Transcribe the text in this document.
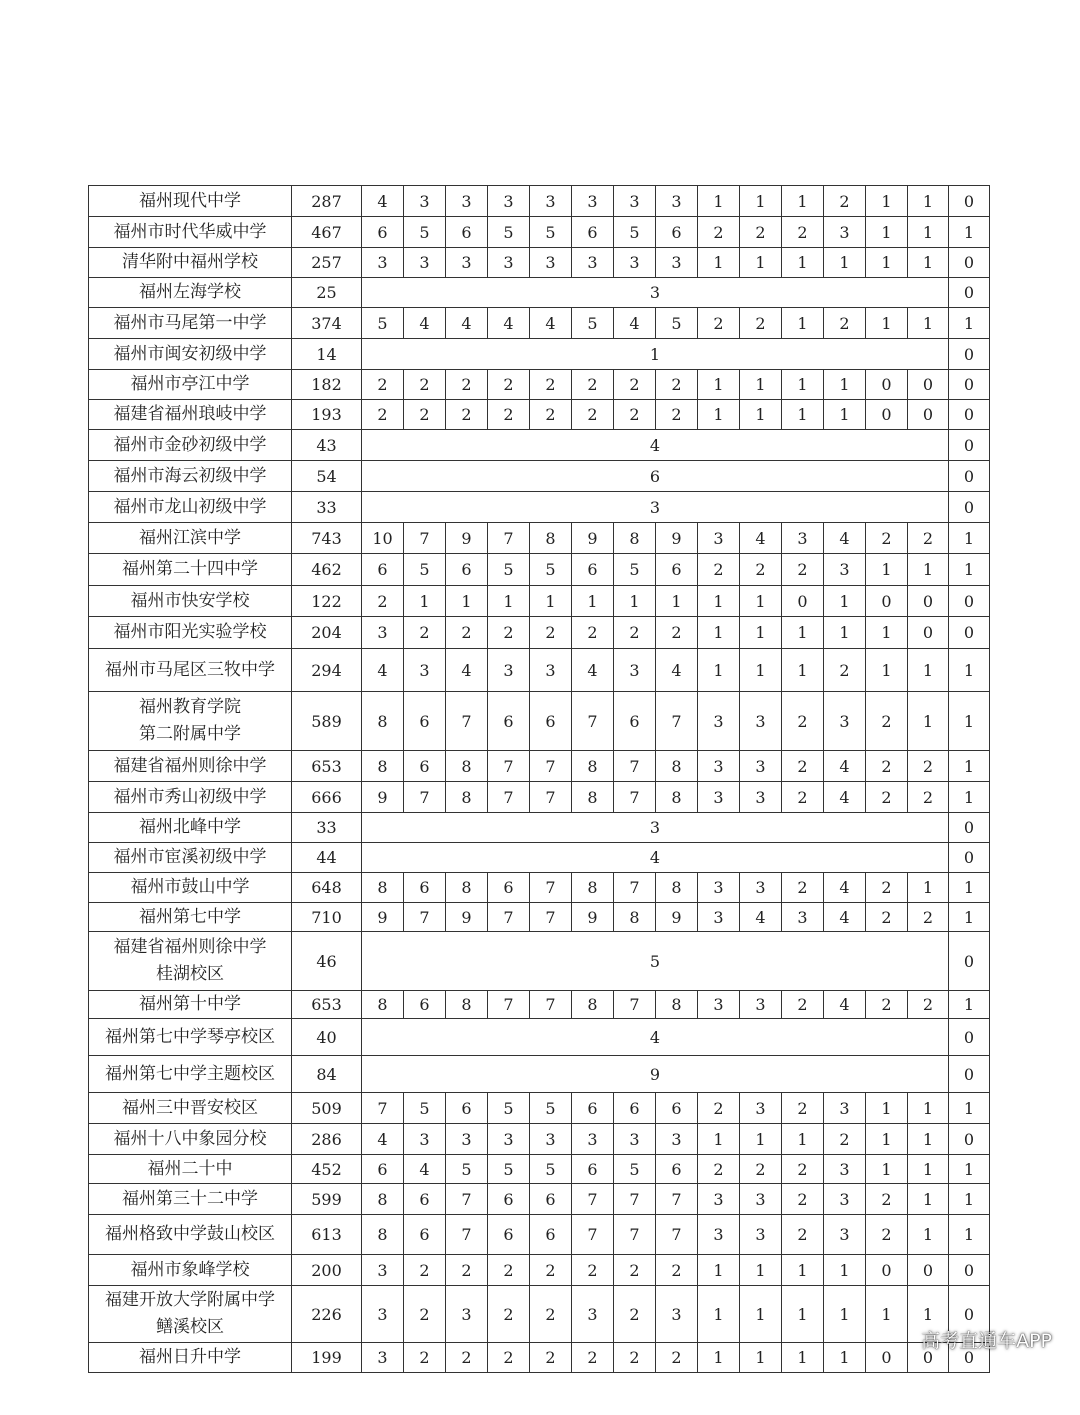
福州现代中学	287	4	3	3	3	3	3	3	3	1	1	1	2	1	1	0
福州市时代华威中学	467	6	5	6	5	5	6	5	6	2	2	2	3	1	1	1
清华附中福州学校	257	3	3	3	3	3	3	3	3	1	1	1	1	1	1	0
福州左海学校	25	3														0
福州市马尾第一中学	374	5	4	4	4	4	5	4	5	2	2	1	2	1	1	1
福州市闽安初级中学	14	1														0
福州市亭江中学	182	2	2	2	2	2	2	2	2	1	1	1	1	0	0	0
福建省福州琅岐中学	193	2	2	2	2	2	2	2	2	1	1	1	1	0	0	0
福州市金砂初级中学	43	4														0
福州市海云初级中学	54	6														0
福州市龙山初级中学	33	3														0
福州江滨中学	743	10	7	9	7	8	9	8	9	3	4	3	4	2	2	1
福州第二十四中学	462	6	5	6	5	5	6	5	6	2	2	2	3	1	1	1
福州市快安学校	122	2	1	1	1	1	1	1	1	1	1	0	1	0	0	0
福州市阳光实验学校	204	3	2	2	2	2	2	2	2	1	1	1	1	1	0	0
福州市马尾区三牧中学	294	4	3	4	3	3	4	3	4	1	1	1	2	1	1	1
福州教育学院
第二附属中学	589	8	6	7	6	6	7	6	7	3	3	2	3	2	1	1
福建省福州则徐中学	653	8	6	8	7	7	8	7	8	3	3	2	4	2	2	1
福州市秀山初级中学	666	9	7	8	7	7	8	7	8	3	3	2	4	2	2	1
福州北峰中学	33	3														0
福州市宦溪初级中学	44	4														0
福州市鼓山中学	648	8	6	8	6	7	8	7	8	3	3	2	4	2	1	1
福州第七中学	710	9	7	9	7	7	9	8	9	3	4	3	4	2	2	1
福建省福州则徐中学
桂湖校区	46	5														0
福州第十中学	653	8	6	8	7	7	8	7	8	3	3	2	4	2	2	1
福州第七中学琴亭校区	40	4														0
福州第七中学主题校区	84	9														0
福州三中晋安校区	509	7	5	6	5	5	6	6	6	2	3	2	3	1	1	1
福州十八中象园分校	286	4	3	3	3	3	3	3	3	1	1	1	2	1	1	0
福州二十中	452	6	4	5	5	5	6	5	6	2	2	2	3	1	1	1
福州第三十二中学	599	8	6	7	6	6	7	7	7	3	3	2	3	2	1	1
福州格致中学鼓山校区	613	8	6	7	6	6	7	7	7	3	3	2	3	2	1	1
福州市象峰学校	200	3	2	2	2	2	2	2	2	1	1	1	1	0	0	0
福建开放大学附属中学
鳝溪校区	226	3	2	3	2	2	3	2	3	1	1	1	1	1	1	0
福州日升中学	199	3	2	2	2	2	2	2	2	1	1	1	1	0	0	0
高考直通车APP
